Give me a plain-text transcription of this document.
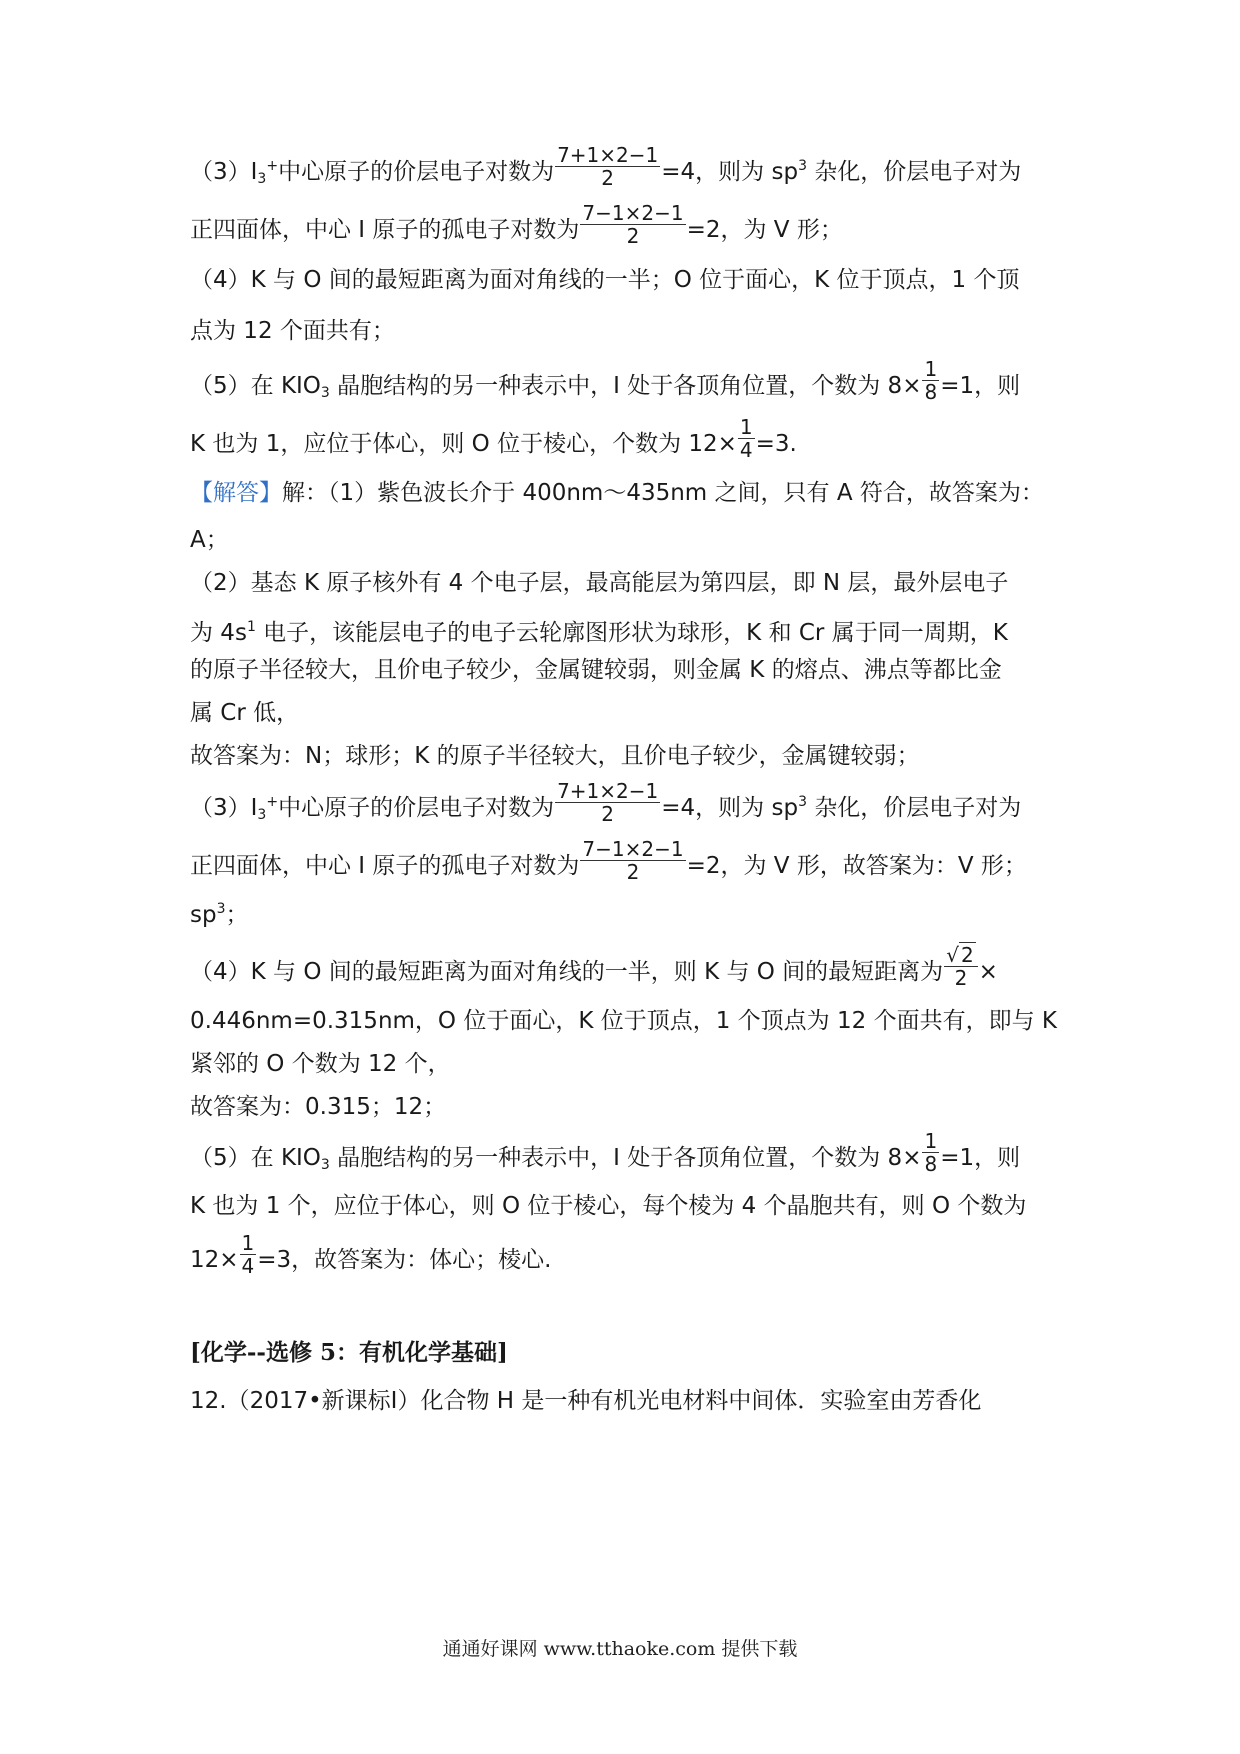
$(3)I_3^+$中心原子的价层电子对数为 $\frac{7+1\times 2-1}{2} =4$，则为 $sp^3$ 杂化，价层电子对为
正四面体，中心 I 原子的孤电子对数为 $\frac{7-1\times 2-1}{2} =2$，为 V 形；
（4）K 与 O 间的最短距离为面对角线的一半；O 位于面心，K 位于顶点，1 个顶
点为 12 个面共有；
（5）在 $KIO_3$ 晶胞结构的另一种表示中，I 处于各顶角位置，个数为 $8\times \frac{1}{8} =1$，则
K 也为 1，应位于体心，则 O 位于棱心，个数为 $12\times \frac{1}{4} =3$.
【解答】解：（1）紫色波长介于 400nm～435nm 之间，只有 A 符合，故答案为：
A；
（2）基态 K 原子核外有 4 个电子层，最高能层为第四层，即 N 层，最外层电子
为 $4s^1$ 电子，该能层电子的电子云轮廓图形状为球形，K 和 Cr 属于同一周期，K
的原子半径较大，且价电子较少，金属键较弱，则金属 K 的熔点、沸点等都比金
属 Cr 低，
故答案为：N；球形；K 的原子半径较大，且价电子较少，金属键较弱；
$(3)I_3^+$中心原子的价层电子对数为 $\frac{7+1\times 2-1}{2} =4$，则为 $sp^3$ 杂化，价层电子对为
正四面体，中心 I 原子的孤电子对数为 $\frac{7-1\times 2-1}{2} =2$，为 V 形，故答案为：V 形；
$sp^3$；
（4）K 与 O 间的最短距离为面对角线的一半，则 K 与 O 间的最短距离为 $\frac{√ 2}{2}$ ×
0.446nm=0.315nm，O 位于面心，K 位于顶点，1 个顶点为 12 个面共有，即与 K
紧邻的 O 个数为 12 个，
故答案为：0.315；12；
（5）在 $KIO_3$ 晶胞结构的另一种表示中，I 处于各顶角位置，个数为 $8\times \frac{1}{8} =1$，则
K 也为 1 个，应位于体心，则 O 位于棱心，每个棱为 4 个晶胞共有，则 O 个数为
$12\times \frac{1}{4} =3$，故答案为：体心；棱心.
[化学--选修 5：有机化学基础]
12.（2017•新课标Ⅰ）化合物 H 是一种有机光电材料中间体．实验室由芳香化
通通好课网 www.tthaoke.com 提供下载
